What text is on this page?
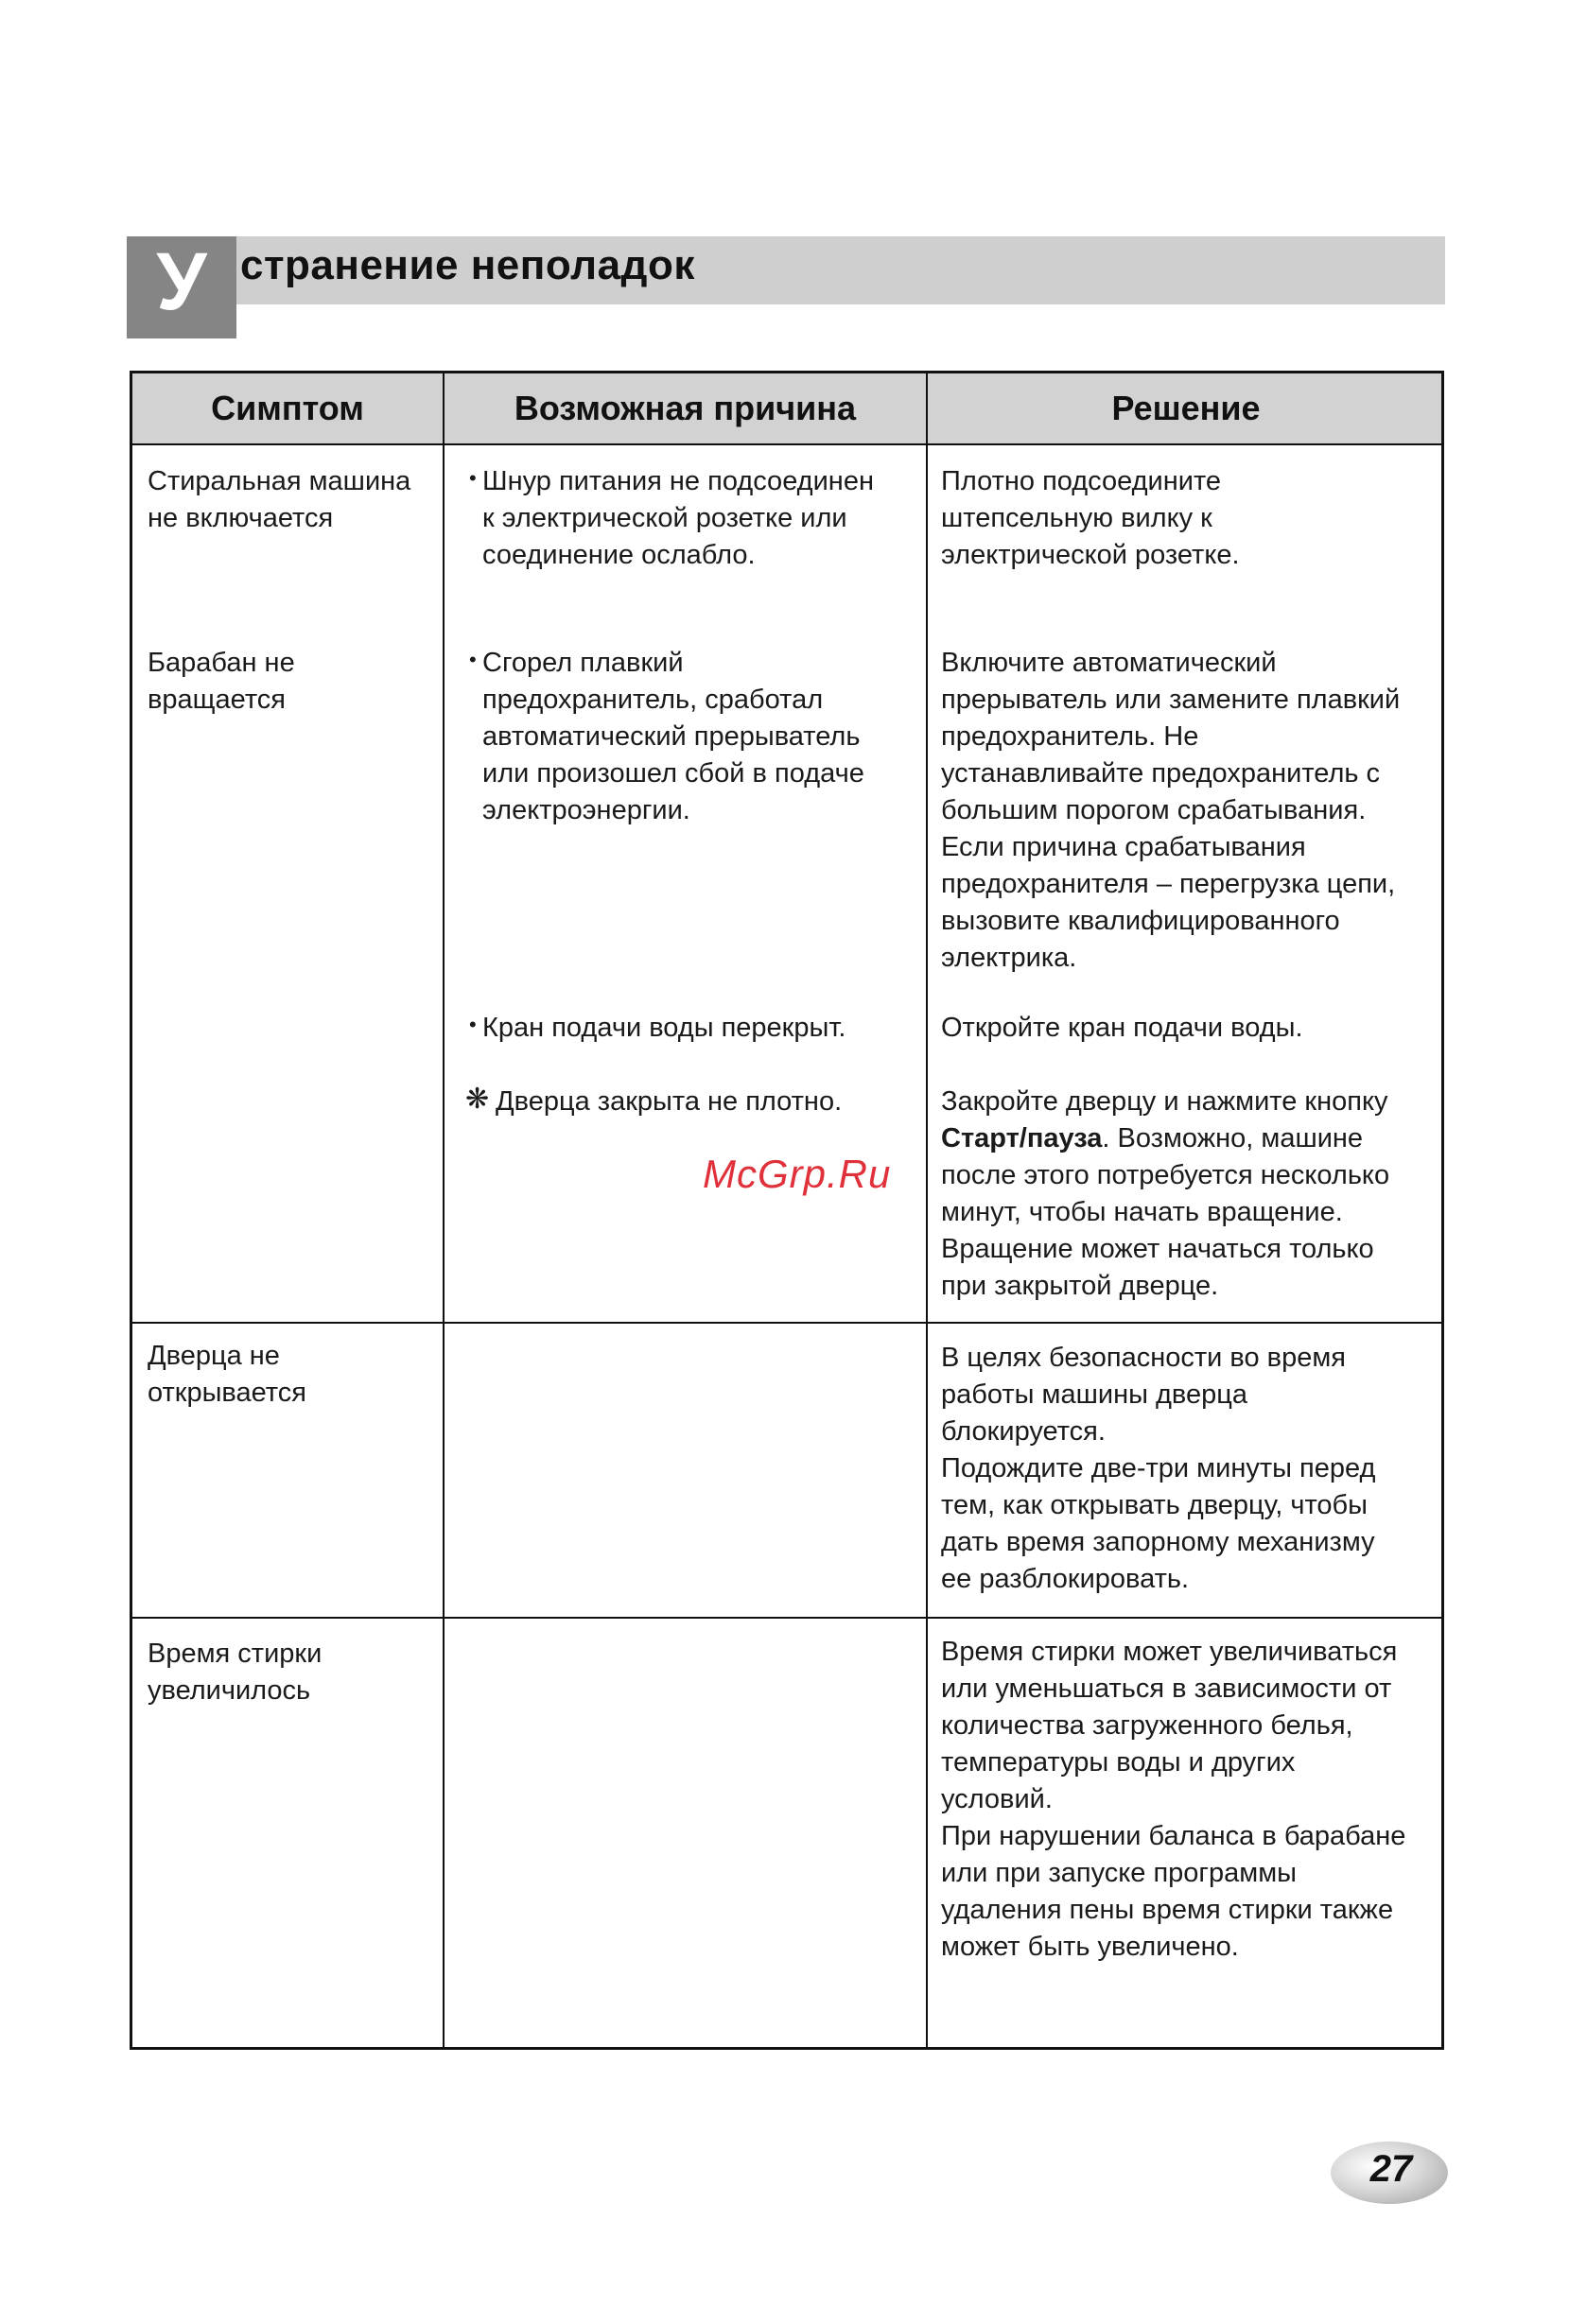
У странение неполадок
Симптом	Возможная причина	Решение
Стиральная машина
не включается
• Шнур питания не подсоединен
к электрической розетке или
соединение ослабло.
Плотно подсоедините
штепсельную вилку к
электрической розетке.
Барабан не
вращается
• Сгорел плавкий
предохранитель, сработал
автоматический прерыватель
или произошел сбой в подаче
электроэнергии.
• Кран подачи воды перекрыт.
❋ Дверца закрыта не плотно.
Включите автоматический
прерыватель или замените плавкий
предохранитель. Не
устанавливайте предохранитель с
большим порогом срабатывания.
Если причина срабатывания
предохранителя – перегрузка цепи,
вызовите квалифицированного
электрика.
Откройте кран подачи воды.
Закройте дверцу и нажмите кнопку
Старт/пауза. Возможно, машине
после этого потребуется несколько
минут, чтобы начать вращение.
Вращение может начаться только
при закрытой дверце.
Дверца не
открывается
В целях безопасности во время
работы машины дверца
блокируется.
Подождите две-три минуты перед
тем, как открывать дверцу, чтобы
дать время запорному механизму
ее разблокировать.
Время стирки
увеличилось
Время стирки может увеличиваться
или уменьшаться в зависимости от
количества загруженного белья,
температуры воды и других
условий.
При нарушении баланса в барабане
или при запуске программы
удаления пены время стирки также
может быть увеличено.
McGrp.Ru
27
